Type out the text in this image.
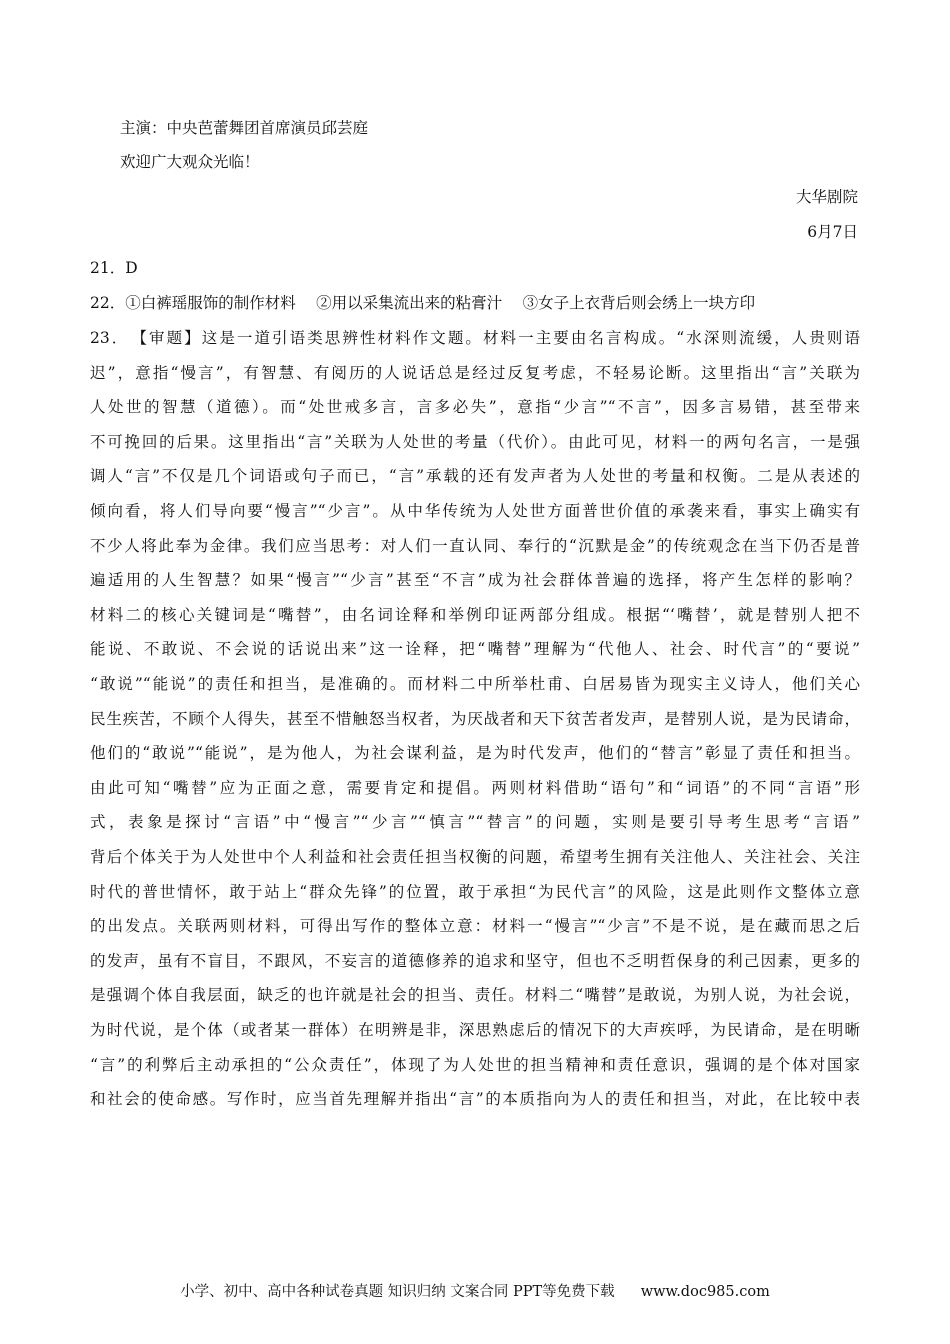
主演：中央芭蕾舞团首席演员邱芸庭
欢迎广大观众光临！
大华剧院
6月7日
21．D
22．①白裤瑶服饰的制作材料　 ②用以采集流出来的粘膏汁　 ③女子上衣背后则会绣上一块方印
23．　【审题】这是一道引语类思辨性材料作文题。材料一主要由名言构成。“水深则流缓，人贵则语
迟”，意指“慢言”，有智慧、有阅历的人说话总是经过反复考虑，不轻易论断。这里指出“言”关联为
人处世的智慧（道德）。而“处世戒多言，言多必失”，意指“少言”“不言”，因多言易错，甚至带来
不可挽回的后果。这里指出“言”关联为人处世的考量（代价）。由此可见，材料一的两句名言，一是强
调人“言”不仅是几个词语或句子而已，“言”承载的还有发声者为人处世的考量和权衡。二是从表述的
倾向看，将人们导向要“慢言”“少言”。从中华传统为人处世方面普世价值的承袭来看，事实上确实有
不少人将此奉为金律。我们应当思考：对人们一直认同、奉行的“沉默是金”的传统观念在当下仍否是普
遍适用的人生智慧？如果“慢言”“少言”甚至“不言”成为社会群体普遍的选择，将产生怎样的影响？
材料二的核心关键词是“嘴替”，由名词诠释和举例印证两部分组成。根据“‘嘴替’，就是替别人把不
能说、不敢说、不会说的话说出来”这一诠释，把“嘴替”理解为“代他人、社会、时代言”的“要说”
“敢说”“能说”的责任和担当，是准确的。而材料二中所举杜甫、白居易皆为现实主义诗人，他们关心
民生疾苦，不顾个人得失，甚至不惜触怒当权者，为厌战者和天下贫苦者发声，是替别人说，是为民请命，
他们的“敢说”“能说”，是为他人，为社会谋利益，是为时代发声，他们的“替言”彰显了责任和担当。
由此可知“嘴替”应为正面之意，需要肯定和提倡。两则材料借助“语句”和“词语”的不同“言语”形
式，表象是探讨“言语”中“慢言”“少言”“慎言”“替言”的问题，实则是要引导考生思考“言语”
背后个体关于为人处世中个人利益和社会责任担当权衡的问题，希望考生拥有关注他人、关注社会、关注
时代的普世情怀，敢于站上“群众先锋”的位置，敢于承担“为民代言”的风险，这是此则作文整体立意
的出发点。关联两则材料，可得出写作的整体立意：材料一“慢言”“少言”不是不说，是在藏而思之后
的发声，虽有不盲目，不跟风，不妄言的道德修养的追求和坚守，但也不乏明哲保身的利己因素，更多的
是强调个体自我层面，缺乏的也许就是社会的担当、责任。材料二“嘴替”是敢说，为别人说，为社会说，
为时代说，是个体（或者某一群体）在明辨是非，深思熟虑后的情况下的大声疾呼，为民请命，是在明晰
“言”的利弊后主动承担的“公众责任”，体现了为人处世的担当精神和责任意识，强调的是个体对国家
和社会的使命感。写作时，应当首先理解并指出“言”的本质指向为人的责任和担当，对此，在比较中表
小学、初中、高中各种试卷真题 知识归纳 文案合同 PPT等免费下载 www.doc985.com
